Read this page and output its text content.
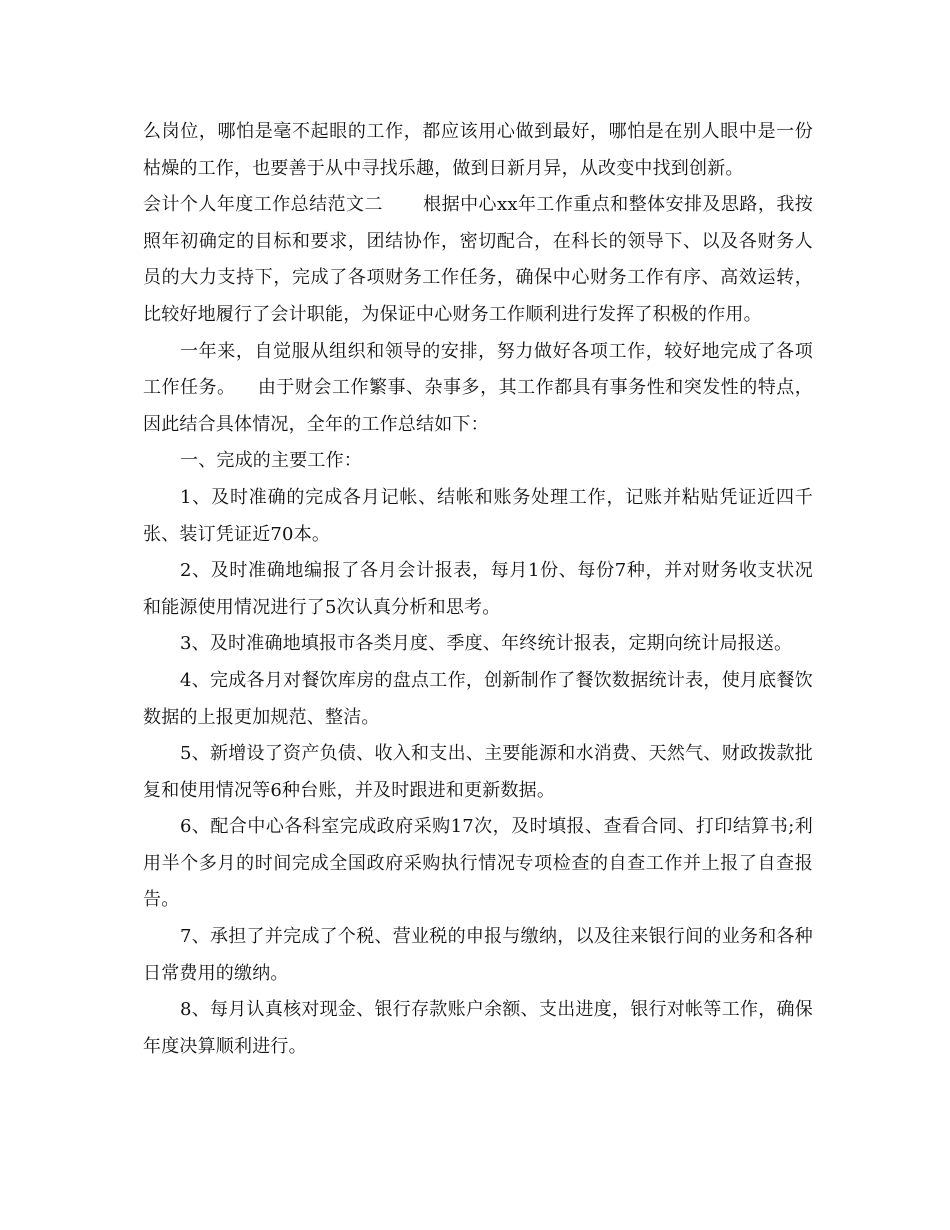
么岗位，哪怕是毫不起眼的工作，都应该用心做到最好，哪怕是在别人眼中是一份枯燥的工作，也要善于从中寻找乐趣，做到日新月异，从改变中找到创新。

会计个人年度工作总结范文二 根据中心xx年工作重点和整体安排及思路，我按照年初确定的目标和要求，团结协作，密切配合，在科长的领导下、以及各财务人员的大力支持下，完成了各项财务工作任务，确保中心财务工作有序、高效运转，比较好地履行了会计职能，为保证中心财务工作顺利进行发挥了积极的作用。

一年来，自觉服从组织和领导的安排，努力做好各项工作，较好地完成了各项工作任务。 由于财会工作繁事、杂事多，其工作都具有事务性和突发性的特点，因此结合具体情况，全年的工作总结如下：

一、完成的主要工作：

1、及时准确的完成各月记帐、结帐和账务处理工作，记账并粘贴凭证近四千张、装订凭证近70本。

2、及时准确地编报了各月会计报表，每月1份、每份7种，并对财务收支状况和能源使用情况进行了5次认真分析和思考。

3、及时准确地填报市各类月度、季度、年终统计报表，定期向统计局报送。

4、完成各月对餐饮库房的盘点工作，创新制作了餐饮数据统计表，使月底餐饮数据的上报更加规范、整洁。

5、新增设了资产负债、收入和支出、主要能源和水消费、天然气、财政拨款批复和使用情况等6种台账，并及时跟进和更新数据。

6、配合中心各科室完成政府采购17次，及时填报、查看合同、打印结算书;利用半个多月的时间完成全国政府采购执行情况专项检查的自查工作并上报了自查报告。

7、承担了并完成了个税、营业税的申报与缴纳，以及往来银行间的业务和各种日常费用的缴纳。

8、每月认真核对现金、银行存款账户余额、支出进度，银行对帐等工作，确保年度决算顺利进行。
